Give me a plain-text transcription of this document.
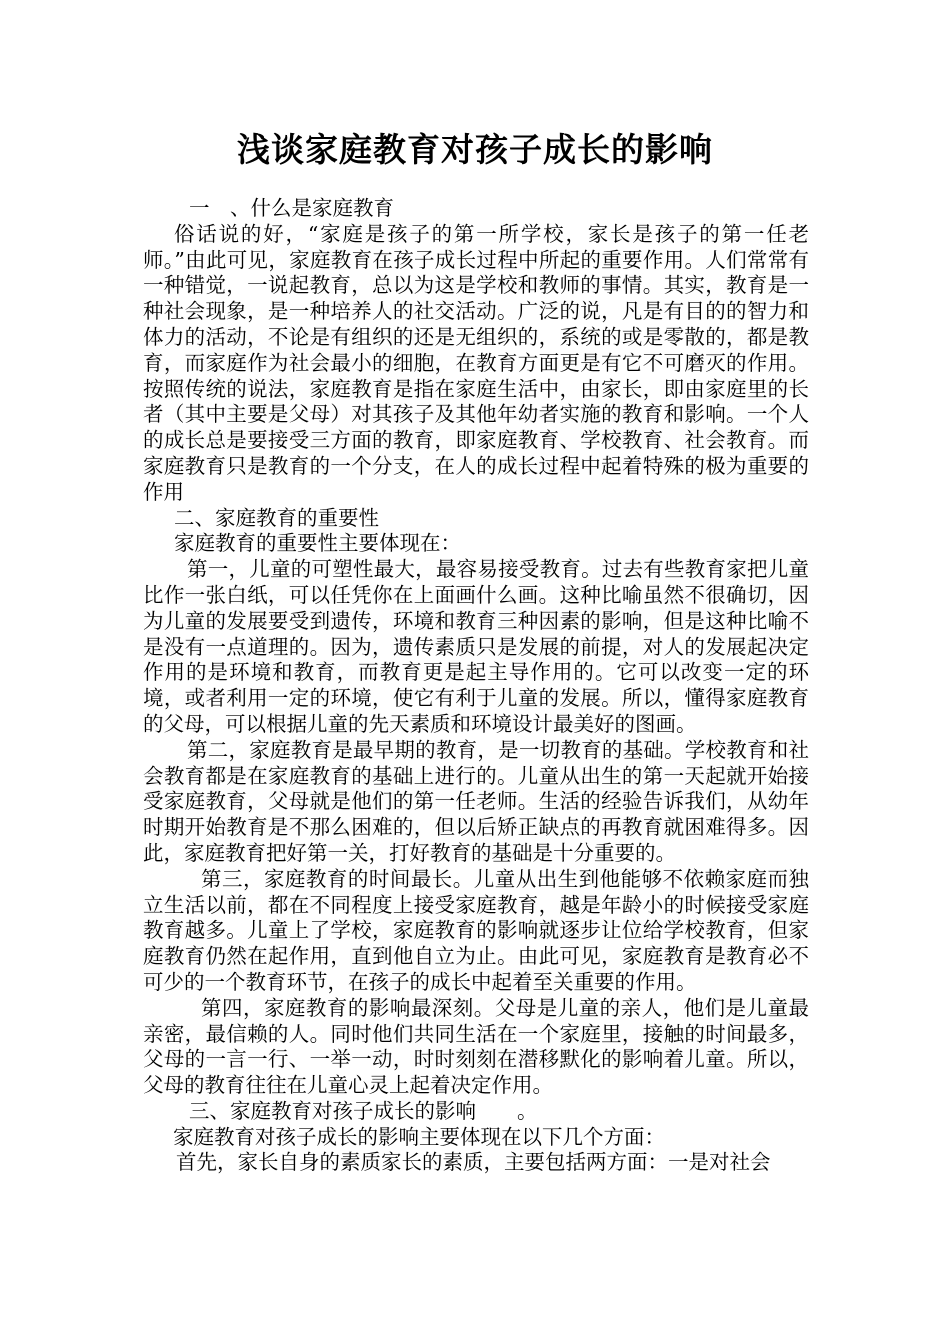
浅谈家庭教育对孩子成长的影响

一　、什么是家庭教育

俗话说的好，“家庭是孩子的第一所学校，家长是孩子的第一任老师。”由此可见，家庭教育在孩子成长过程中所起的重要作用。人们常常有一种错觉，一说起教育，总以为这是学校和教师的事情。其实，教育是一种社会现象，是一种培养人的社交活动。广泛的说，凡是有目的的智力和体力的活动，不论是有组织的还是无组织的，系统的或是零散的，都是教育，而家庭作为社会最小的细胞，在教育方面更是有它不可磨灭的作用。按照传统的说法，家庭教育是指在家庭生活中，由家长，即由家庭里的长者（其中主要是父母）对其孩子及其他年幼者实施的教育和影响。一个人的成长总是要接受三方面的教育，即家庭教育、学校教育、社会教育。而家庭教育只是教育的一个分支，在人的成长过程中起着特殊的极为重要的作用

二、家庭教育的重要性

家庭教育的重要性主要体现在：

第一，儿童的可塑性最大，最容易接受教育。过去有些教育家把儿童比作一张白纸，可以任凭你在上面画什么画。这种比喻虽然不很确切，因为儿童的发展要受到遗传，环境和教育三种因素的影响，但是这种比喻不是没有一点道理的。因为，遗传素质只是发展的前提，对人的发展起决定作用的是环境和教育，而教育更是起主导作用的。它可以改变一定的环境，或者利用一定的环境，使它有利于儿童的发展。所以，懂得家庭教育的父母，可以根据儿童的先天素质和环境设计最美好的图画。

第二，家庭教育是最早期的教育，是一切教育的基础。学校教育和社会教育都是在家庭教育的基础上进行的。儿童从出生的第一天起就开始接受家庭教育，父母就是他们的第一任老师。生活的经验告诉我们，从幼年时期开始教育是不那么困难的，但以后矫正缺点的再教育就困难得多。因此，家庭教育把好第一关，打好教育的基础是十分重要的。

第三，家庭教育的时间最长。儿童从出生到他能够不依赖家庭而独立生活以前，都在不同程度上接受家庭教育，越是年龄小的时候接受家庭教育越多。儿童上了学校，家庭教育的影响就逐步让位给学校教育，但家庭教育仍然在起作用，直到他自立为止。由此可见，家庭教育是教育必不可少的一个教育环节，在孩子的成长中起着至关重要的作用。

第四，家庭教育的影响最深刻。父母是儿童的亲人，他们是儿童最亲密，最信赖的人。同时他们共同生活在一个家庭里，接触的时间最多，父母的一言一行、一举一动，时时刻刻在潜移默化的影响着儿童。所以，父母的教育往往在儿童心灵上起着决定作用。

三、家庭教育对孩子成长的影响　　。

家庭教育对孩子成长的影响主要体现在以下几个方面：

首先，家长自身的素质家长的素质，主要包括两方面：一是对社会
